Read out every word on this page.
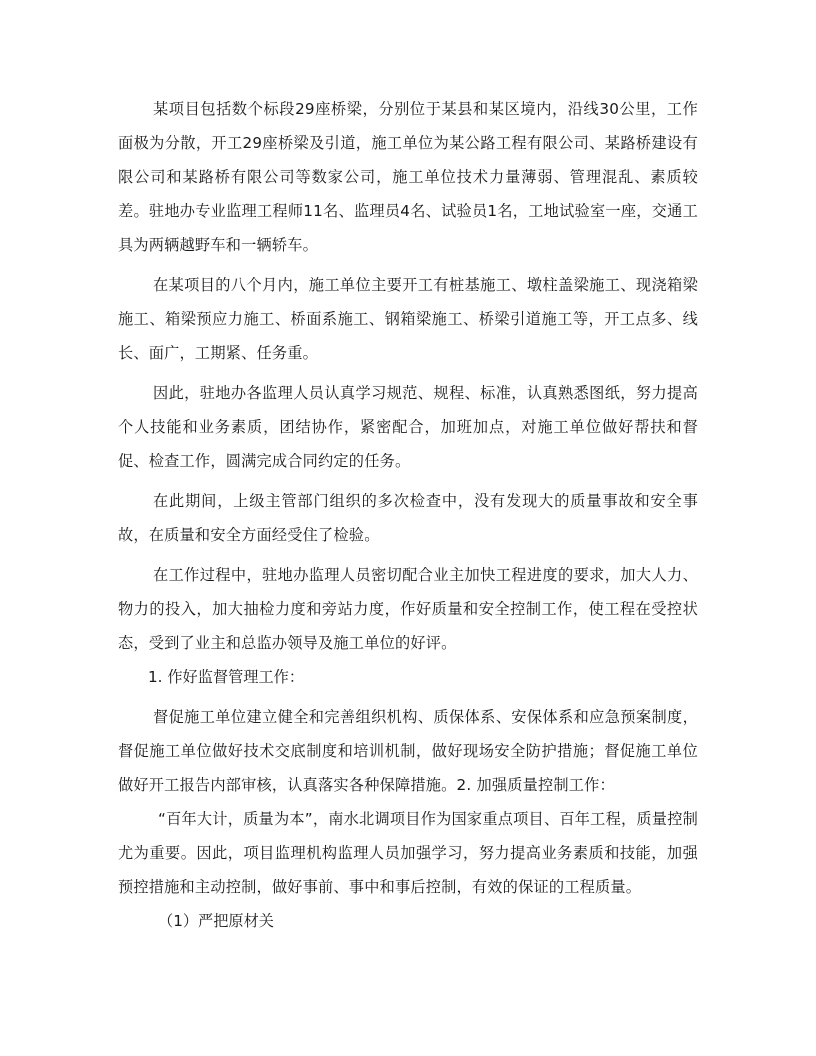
某项目包括数个标段29座桥梁，分别位于某县和某区境内，沿线30公里，工作面极为分散，开工29座桥梁及引道，施工单位为某公路工程有限公司、某路桥建设有限公司和某路桥有限公司等数家公司，施工单位技术力量薄弱、管理混乱、素质较差。驻地办专业监理工程师11名、监理员4名、试验员1名，工地试验室一座，交通工具为两辆越野车和一辆轿车。

在某项目的八个月内，施工单位主要开工有桩基施工、墩柱盖梁施工、现浇箱梁施工、箱梁预应力施工、桥面系施工、钢箱梁施工、桥梁引道施工等，开工点多、线长、面广，工期紧、任务重。

因此，驻地办各监理人员认真学习规范、规程、标准，认真熟悉图纸，努力提高个人技能和业务素质，团结协作，紧密配合，加班加点，对施工单位做好帮扶和督促、检查工作，圆满完成合同约定的任务。

在此期间，上级主管部门组织的多次检查中，没有发现大的质量事故和安全事故，在质量和安全方面经受住了检验。

在工作过程中，驻地办监理人员密切配合业主加快工程进度的要求，加大人力、物力的投入，加大抽检力度和旁站力度，作好质量和安全控制工作，使工程在受控状态，受到了业主和总监办领导及施工单位的好评。

1. 作好监督管理工作：

督促施工单位建立健全和完善组织机构、质保体系、安保体系和应急预案制度，督促施工单位做好技术交底制度和培训机制，做好现场安全防护措施；督促施工单位做好开工报告内部审核，认真落实各种保障措施。2. 加强质量控制工作：

“百年大计，质量为本”，南水北调项目作为国家重点项目、百年工程，质量控制尤为重要。因此，项目监理机构监理人员加强学习，努力提高业务素质和技能，加强预控措施和主动控制，做好事前、事中和事后控制，有效的保证的工程质量。

（1）严把原材关
